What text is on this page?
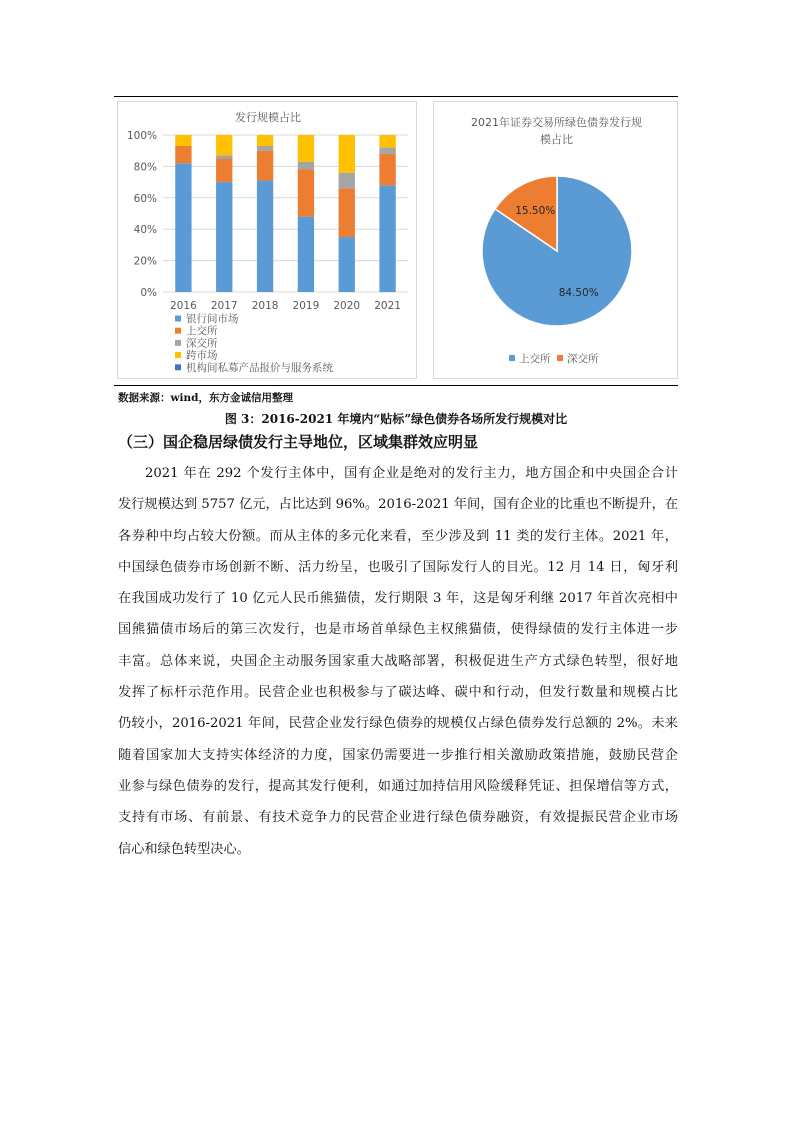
发行规模占比
0%
20%
40%
60%
80%
100%
2016 2017 2018 2019 2020 2021
银行间市场
上交所
深交所
跨市场
机构间私募产品报价与服务系统
2021年证券交易所绿色债券发行规
模占比
84.50%
15.50%
上交所 深交所
数据来源：wind，东方金诚信用整理
图 3：2016-2021 年境内“贴标”绿色债券各场所发行规模对比
（三）国企稳居绿债发行主导地位，区域集群效应明显
2021 年在 292 个发行主体中，国有企业是绝对的发行主力，地方国企和中央国企合计
发行规模达到 5757 亿元，占比达到 96%。2016-2021 年间，国有企业的比重也不断提升，在
各券种中均占较大份额。而从主体的多元化来看，至少涉及到 11 类的发行主体。2021 年，
中国绿色债券市场创新不断、活力纷呈，也吸引了国际发行人的目光。12 月 14 日，匈牙利
在我国成功发行了 10 亿元人民币熊猫债，发行期限 3 年，这是匈牙利继 2017 年首次亮相中
国熊猫债市场后的第三次发行，也是市场首单绿色主权熊猫债，使得绿债的发行主体进一步
丰富。总体来说，央国企主动服务国家重大战略部署，积极促进生产方式绿色转型，很好地
发挥了标杆示范作用。民营企业也积极参与了碳达峰、碳中和行动，但发行数量和规模占比
仍较小，2016-2021 年间，民营企业发行绿色债券的规模仅占绿色债券发行总额的 2%。未来
随着国家加大支持实体经济的力度，国家仍需要进一步推行相关激励政策措施，鼓励民营企
业参与绿色债券的发行，提高其发行便利，如通过加持信用风险缓释凭证、担保增信等方式，
支持有市场、有前景、有技术竞争力的民营企业进行绿色债券融资，有效提振民营企业市场
信心和绿色转型决心。
